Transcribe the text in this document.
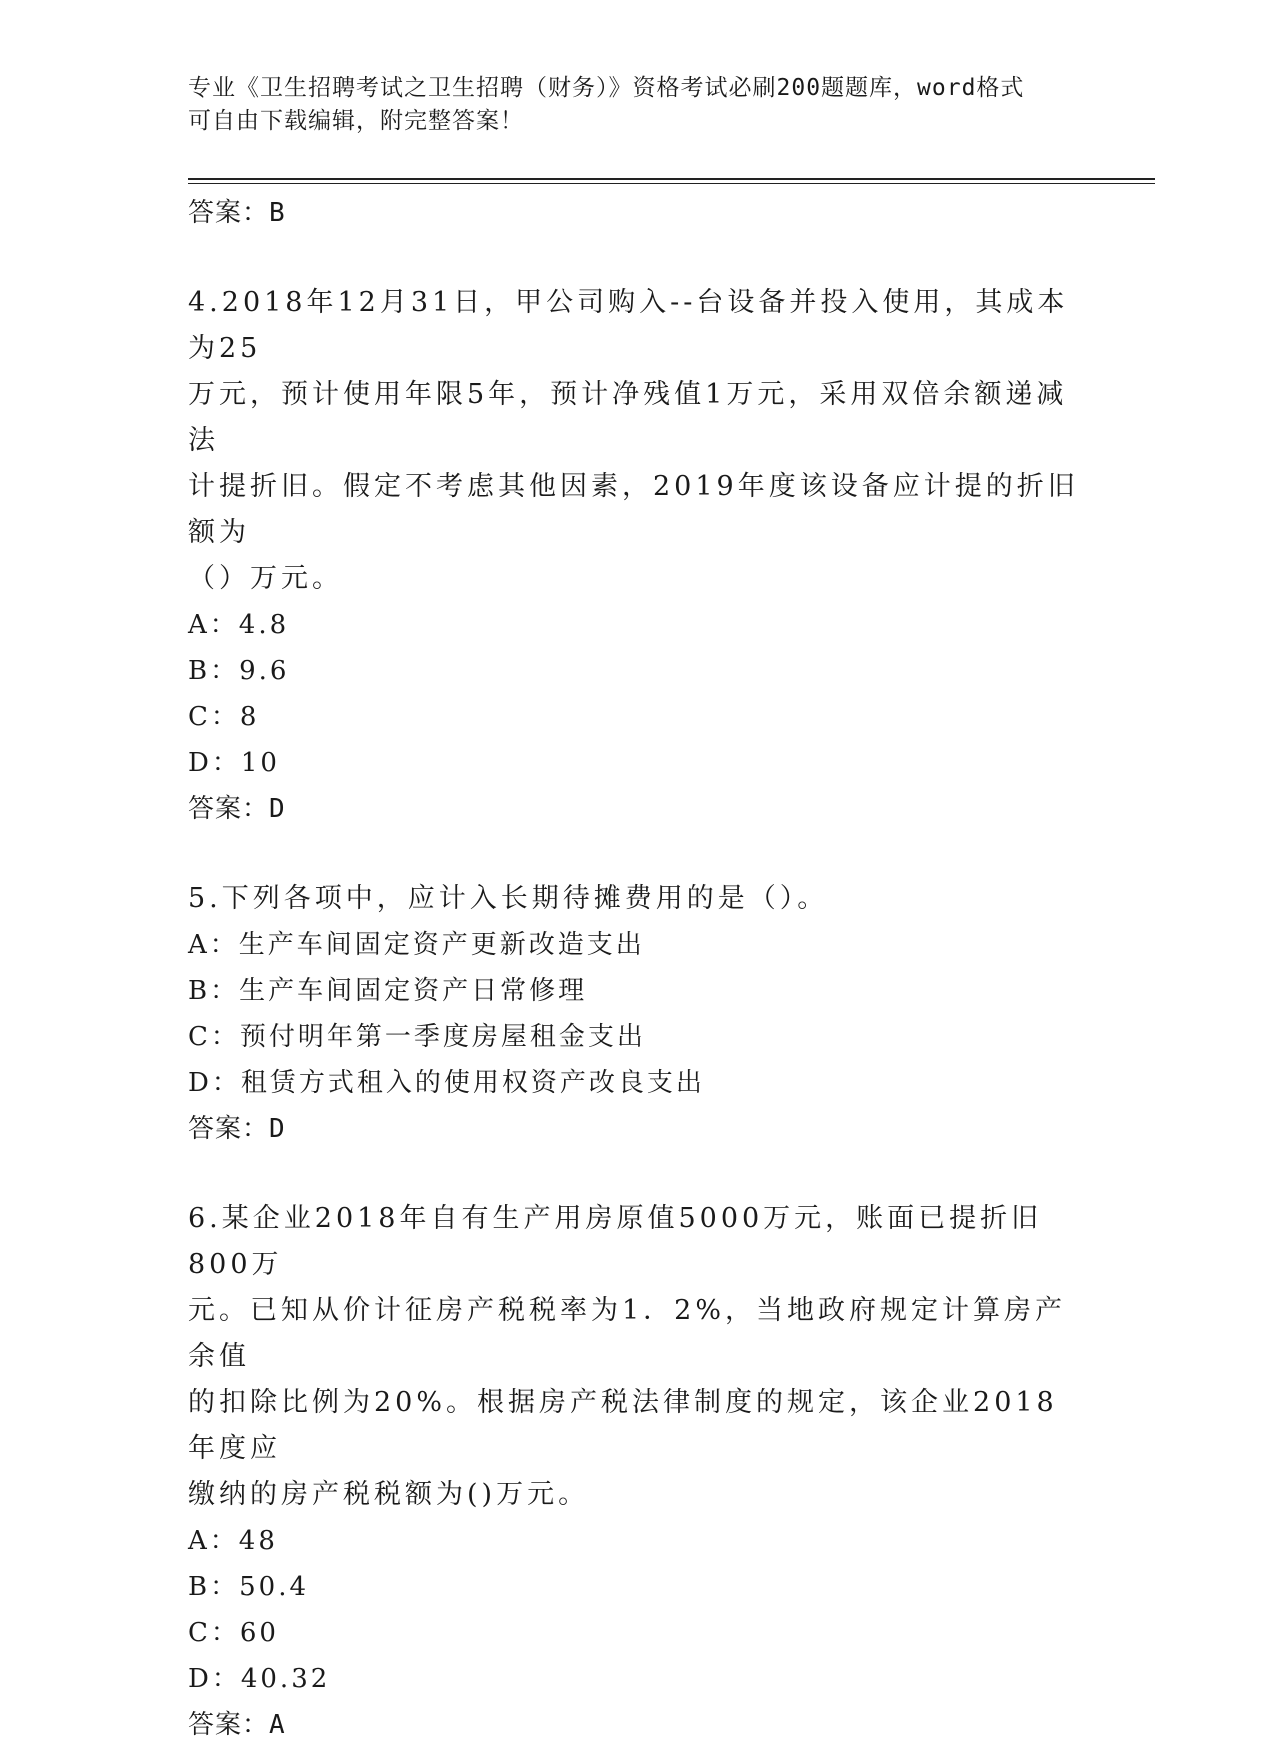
专业《卫生招聘考试之卫生招聘（财务）》资格考试必刷200题题库，word格式
可自由下载编辑，附完整答案！
答案：B
4.2018年12月31日，甲公司购入--台设备并投入使用，其成本为25
万元，预计使用年限5年，预计净残值1万元，采用双倍余额递减法
计提折旧。假定不考虑其他因素，2019年度该设备应计提的折旧额为
（）万元。
A：4.8
B：9.6
C：8
D：10
答案：D
5.下列各项中，应计入长期待摊费用的是（）。
A：生产车间固定资产更新改造支出
B：生产车间固定资产日常修理
C：预付明年第一季度房屋租金支出
D：租赁方式租入的使用权资产改良支出
答案：D
6.某企业2018年自有生产用房原值5000万元，账面已提折旧800万
元。已知从价计征房产税税率为1．2%，当地政府规定计算房产余值
的扣除比例为20%。根据房产税法律制度的规定，该企业2018年度应
缴纳的房产税税额为()万元。
A：48
B：50.4
C：60
D：40.32
答案：A
